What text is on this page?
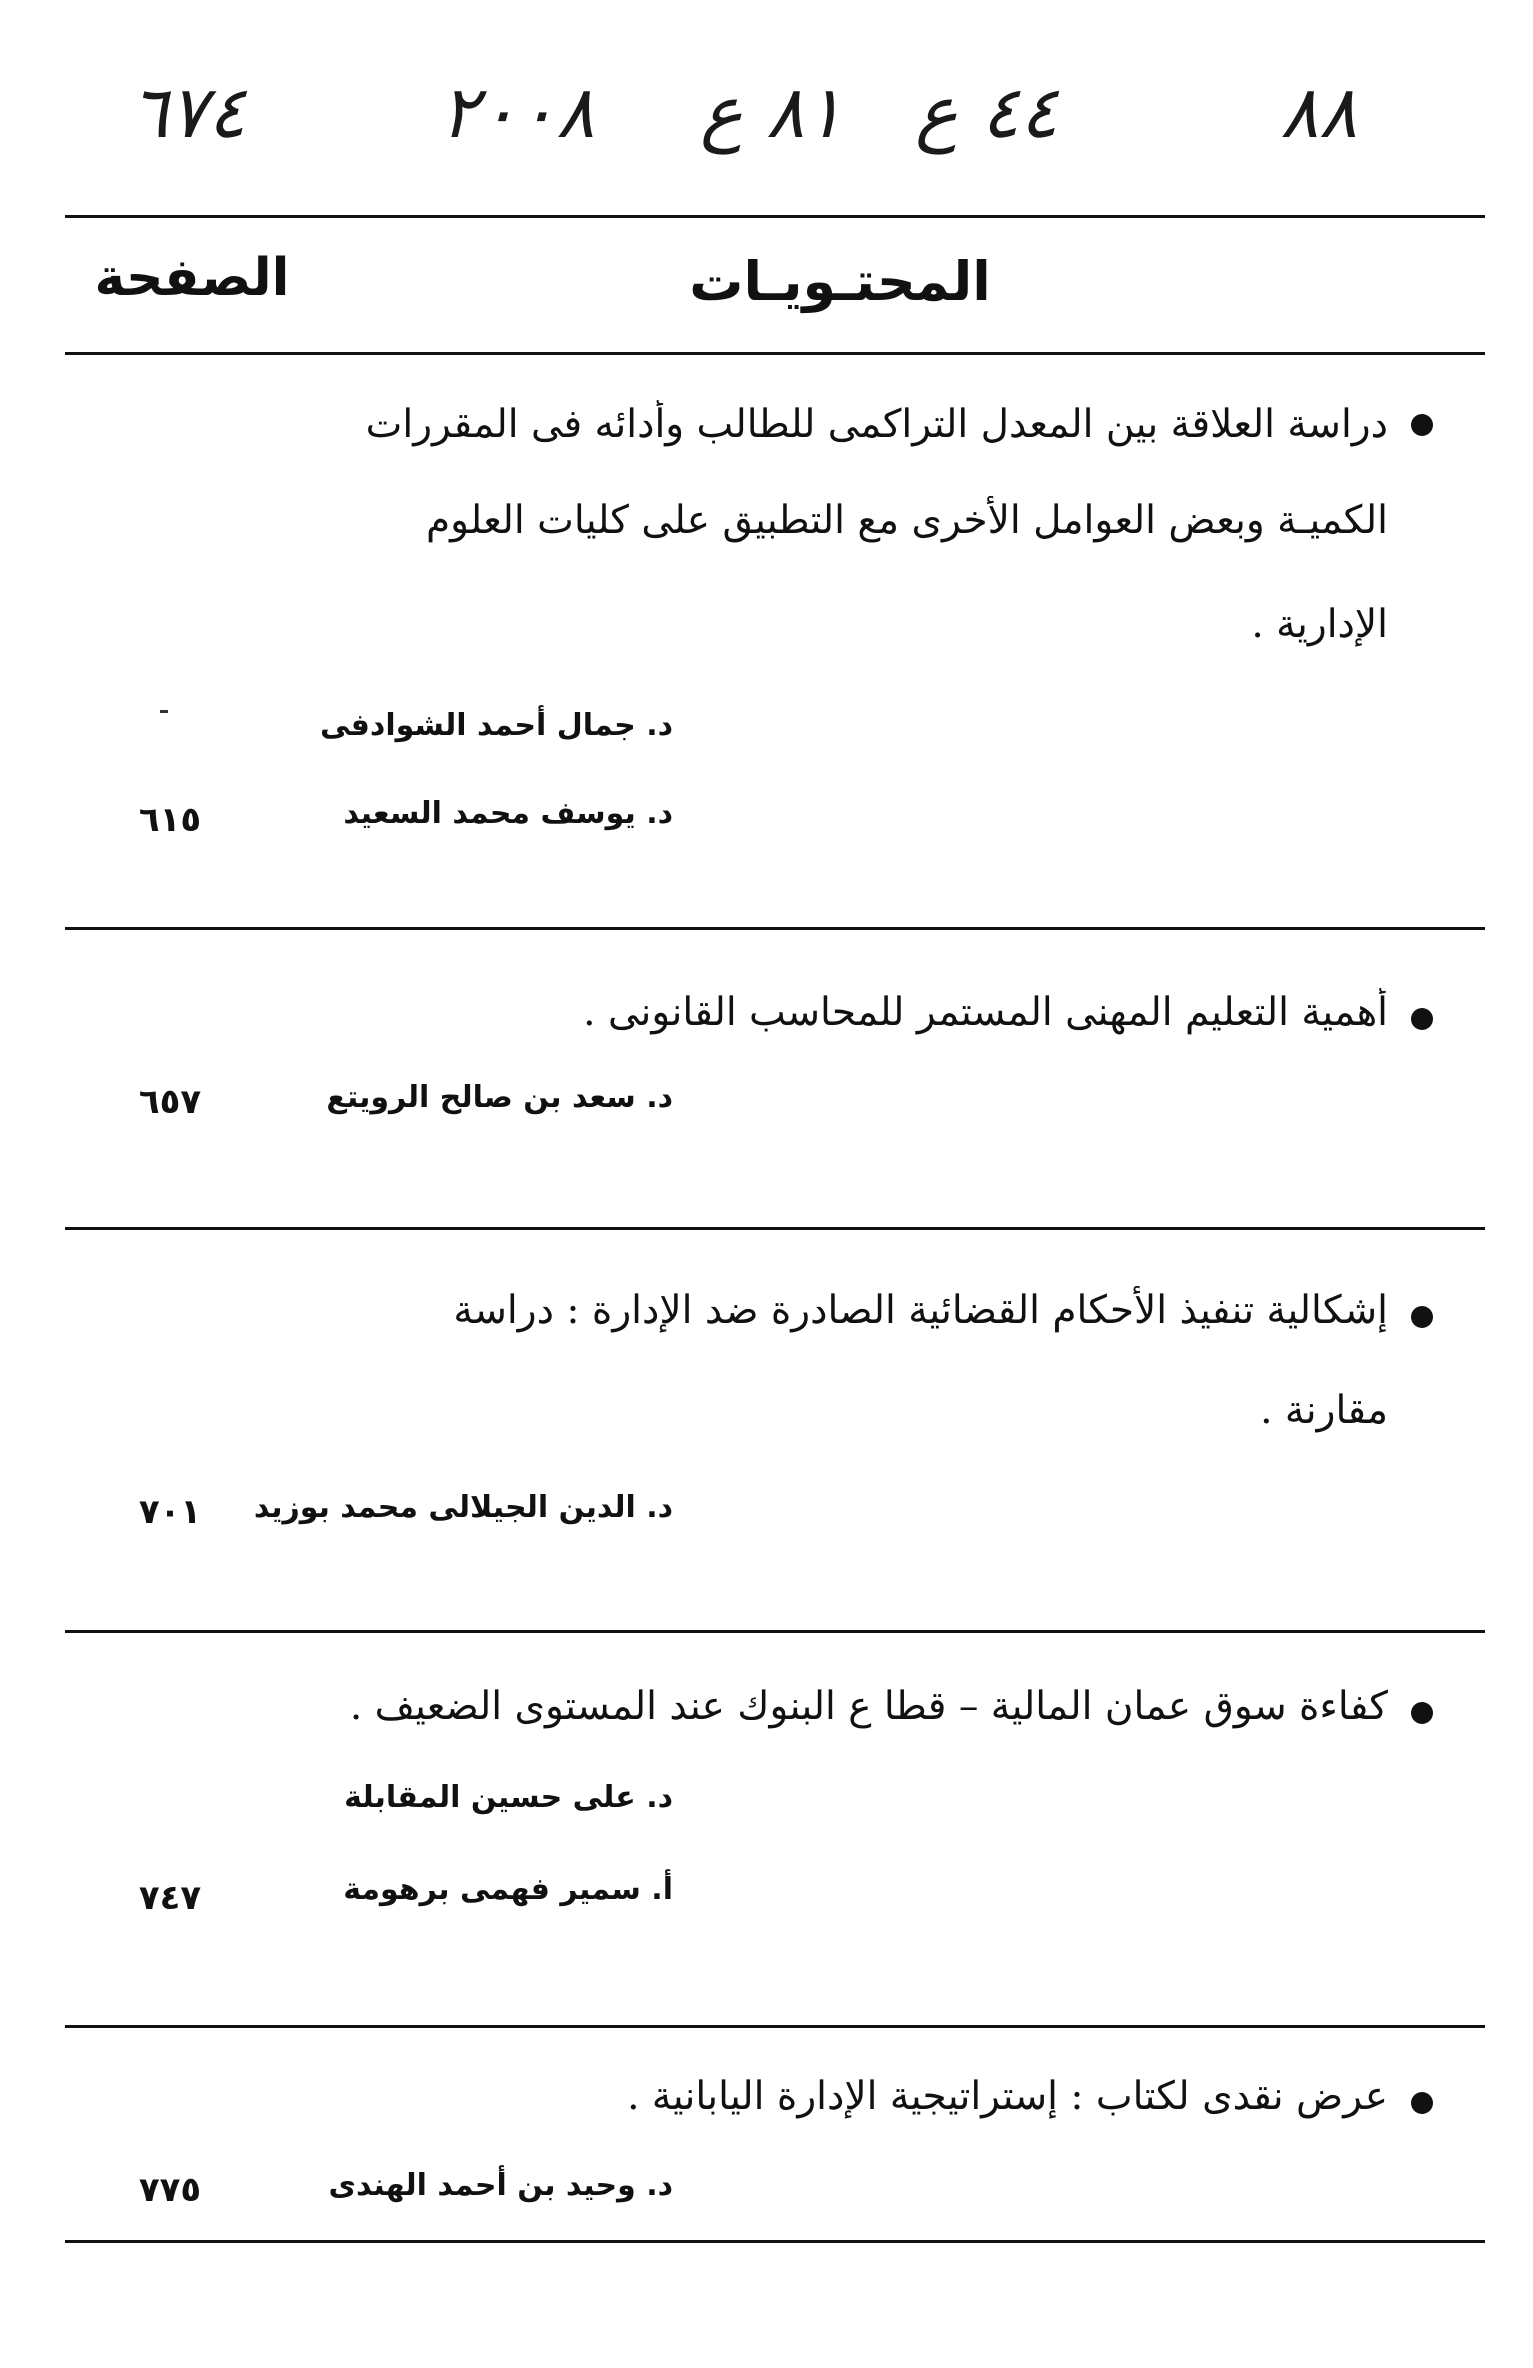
٨٨
٤٤ ع
٨١ ع
٢٠٠٨
٦٧٤
المحتـويـات
الصفحة
دراسة العلاقة بين المعدل التراكمى للطالب وأدائه فى المقررات
الكميـة وبعض العوامل الأخرى مع التطبيق على كليات العلوم
الإدارية .
د. جمال أحمد الشوادفى
د. يوسف محمد السعيد
٦١٥
أهمية التعليم المهنى المستمر للمحاسب القانونى .
د. سعد بن صالح الرويتع
٦٥٧
إشكالية تنفيذ الأحكام القضائية الصادرة ضد الإدارة : دراسة
مقارنة .
د. الدين الجيلالى محمد بوزيد
٧٠١
كفاءة سوق عمان المالية – قطا ع البنوك عند المستوى الضعيف .
د. على حسين المقابلة
أ. سمير فهمى برهومة
٧٤٧
عرض نقدى لكتاب : إستراتيجية الإدارة اليابانية .
د. وحيد بن أحمد الهندى
٧٧٥
